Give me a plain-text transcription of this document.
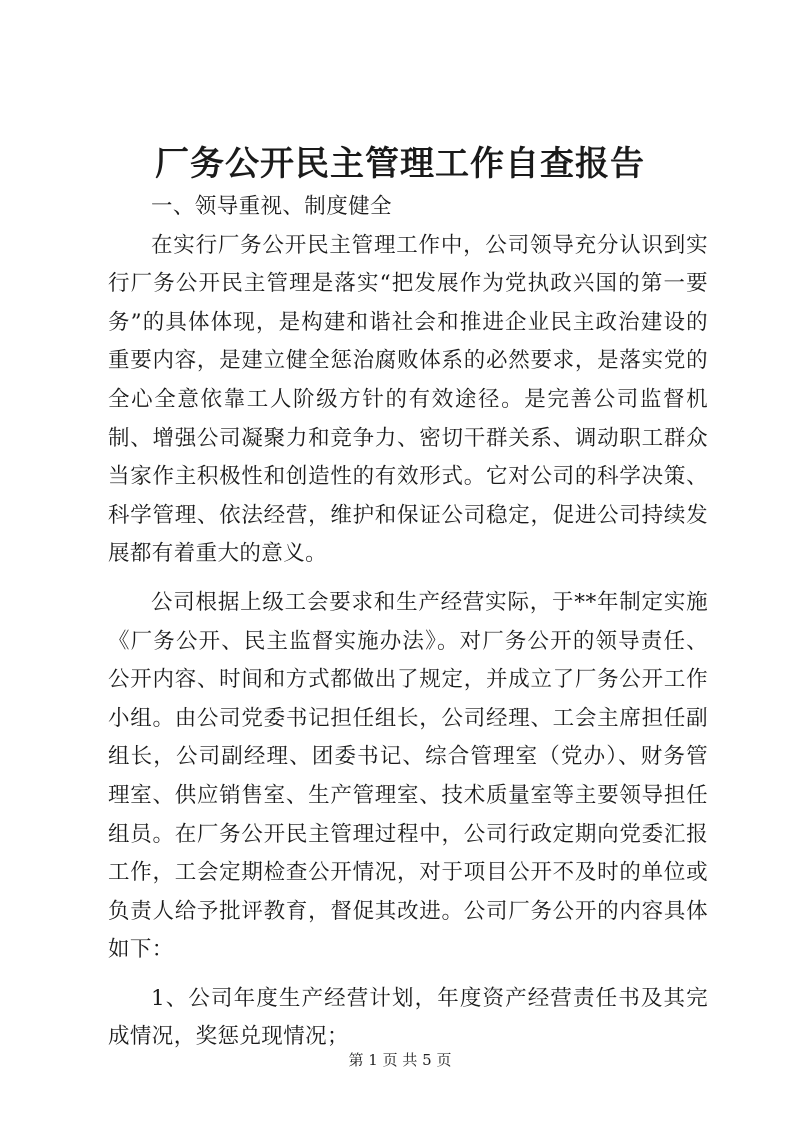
厂务公开民主管理工作自查报告

一、领导重视、制度健全

在实行厂务公开民主管理工作中，公司领导充分认识到实行厂务公开民主管理是落实“把发展作为党执政兴国的第一要务”的具体体现，是构建和谐社会和推进企业民主政治建设的重要内容，是建立健全惩治腐败体系的必然要求，是落实党的全心全意依靠工人阶级方针的有效途径。是完善公司监督机制、增强公司凝聚力和竞争力、密切干群关系、调动职工群众当家作主积极性和创造性的有效形式。它对公司的科学决策、科学管理、依法经营，维护和保证公司稳定，促进公司持续发展都有着重大的意义。

公司根据上级工会要求和生产经营实际，于**年制定实施《厂务公开、民主监督实施办法》。对厂务公开的领导责任、公开内容、时间和方式都做出了规定，并成立了厂务公开工作小组。由公司党委书记担任组长，公司经理、工会主席担任副组长，公司副经理、团委书记、综合管理室（党办）、财务管理室、供应销售室、生产管理室、技术质量室等主要领导担任组员。在厂务公开民主管理过程中，公司行政定期向党委汇报工作，工会定期检查公开情况，对于项目公开不及时的单位或负责人给予批评教育，督促其改进。公司厂务公开的内容具体如下：

1、公司年度生产经营计划，年度资产经营责任书及其完成情况，奖惩兑现情况；

第 1 页 共 5 页
